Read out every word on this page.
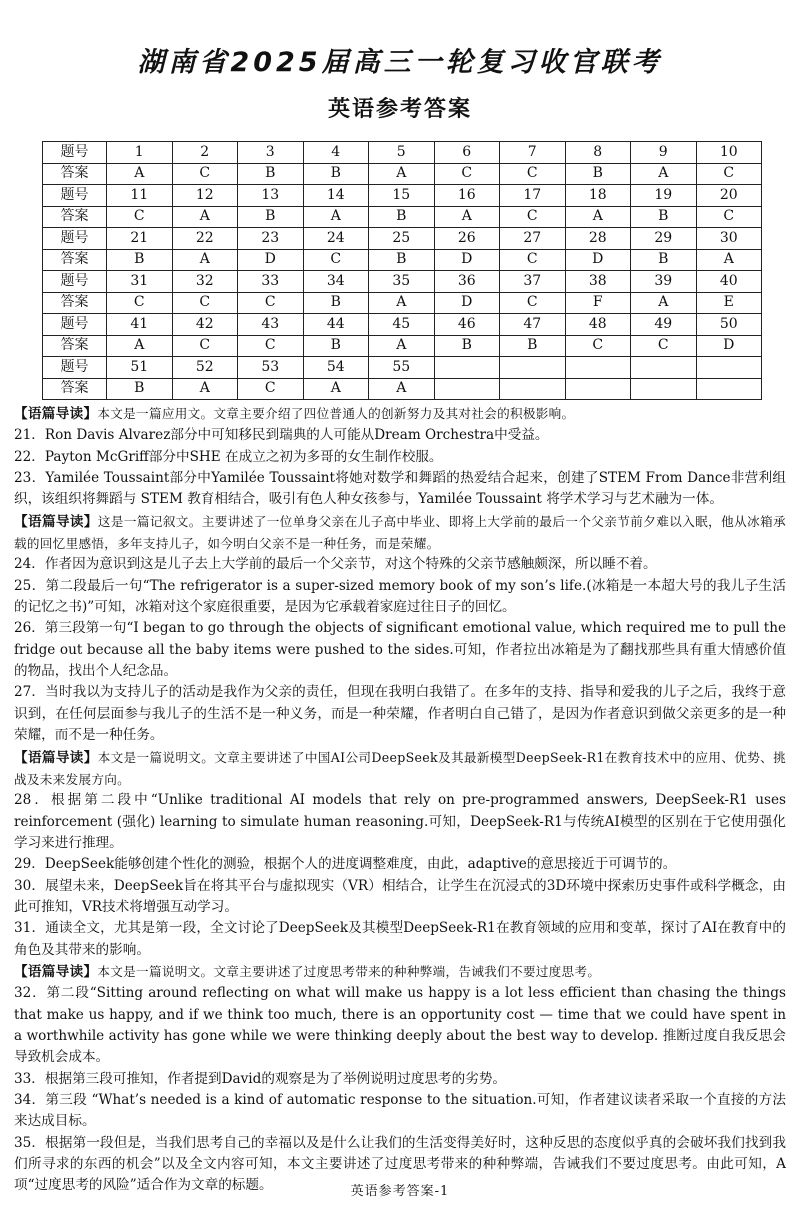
湖南省2025届高三一轮复习收官联考
英语参考答案
题号	1	2	3	4	5	6	7	8	9	10
答案	A	C	B	B	A	C	C	B	A	C
题号	11	12	13	14	15	16	17	18	19	20
答案	C	A	B	A	B	A	C	A	B	C
题号	21	22	23	24	25	26	27	28	29	30
答案	B	A	D	C	B	D	C	D	B	A
题号	31	32	33	34	35	36	37	38	39	40
答案	C	C	C	B	A	D	C	F	A	E
题号	41	42	43	44	45	46	47	48	49	50
答案	A	C	C	B	A	B	B	C	C	D
题号	51	52	53	54	55					
答案	B	A	C	A	A					

【语篇导读】本文是一篇应用文。文章主要介绍了四位普通人的创新努力及其对社会的积极影响。

21．Ron Davis Alvarez部分中可知移民到瑞典的人可能从Dream Orchestra中受益。

22．Payton McGriff部分中SHE 在成立之初为多哥的女生制作校服。

23．Yamilée Toussaint部分中Yamilée Toussaint将她对数学和舞蹈的热爱结合起来，创建了STEM From Dance非营利组织，该组织将舞蹈与 STEM 教育相结合，吸引有色人种女孩参与，Yamilée Toussaint 将学术学习与艺术融为一体。

【语篇导读】这是一篇记叙文。主要讲述了一位单身父亲在儿子高中毕业、即将上大学前的最后一个父亲节前夕难以入眠，他从冰箱承载的回忆里感悟，多年支持儿子，如今明白父亲不是一种任务，而是荣耀。

24．作者因为意识到这是儿子去上大学前的最后一个父亲节，对这个特殊的父亲节感触颇深，所以睡不着。

25．第二段最后一句“The refrigerator is a super-sized memory book of my son’s life.(冰箱是一本超大号的我儿子生活的记忆之书)”可知，冰箱对这个家庭很重要，是因为它承载着家庭过往日子的回忆。

26．第三段第一句“I began to go through the objects of significant emotional value, which required me to pull the fridge out because all the baby items were pushed to the sides.可知，作者拉出冰箱是为了翻找那些具有重大情感价值的物品，找出个人纪念品。

27．当时我以为支持儿子的活动是我作为父亲的责任，但现在我明白我错了。在多年的支持、指导和爱我的儿子之后，我终于意识到，在任何层面参与我儿子的生活不是一种义务，而是一种荣耀，作者明白自己错了，是因为作者意识到做父亲更多的是一种荣耀，而不是一种任务。

【语篇导读】本文是一篇说明文。文章主要讲述了中国AI公司DeepSeek及其最新模型DeepSeek-R1在教育技术中的应用、优势、挑战及未来发展方向。

28．根据第二段中“Unlike traditional AI models that rely on pre-programmed answers, DeepSeek-R1 uses reinforcement (强化) learning to simulate human reasoning.可知，DeepSeek-R1与传统AI模型的区别在于它使用强化学习来进行推理。

29．DeepSeek能够创建个性化的测验，根据个人的进度调整难度，由此，adaptive的意思接近于可调节的。

30．展望未来，DeepSeek旨在将其平台与虚拟现实（VR）相结合，让学生在沉浸式的3D环境中探索历史事件或科学概念，由此可推知，VR技术将增强互动学习。

31．通读全文，尤其是第一段，全文讨论了DeepSeek及其模型DeepSeek-R1在教育领域的应用和变革，探讨了AI在教育中的角色及其带来的影响。

【语篇导读】本文是一篇说明文。文章主要讲述了过度思考带来的种种弊端，告诫我们不要过度思考。

32．第二段“Sitting around reflecting on what will make us happy is a lot less efficient than chasing the things that make us happy, and if we think too much, there is an opportunity cost — time that we could have spent in a worthwhile activity has gone while we were thinking deeply about the best way to develop. 推断过度自我反思会导致机会成本。

33．根据第三段可推知，作者提到David的观察是为了举例说明过度思考的劣势。

34．第三段 “What’s needed is a kind of automatic response to the situation.可知，作者建议读者采取一个直接的方法来达成目标。

35．根据第一段但是，当我们思考自己的幸福以及是什么让我们的生活变得美好时，这种反思的态度似乎真的会破坏我们找到我们所寻求的东西的机会”以及全文内容可知，本文主要讲述了过度思考带来的种种弊端，告诫我们不要过度思考。由此可知，A项“过度思考的风险”适合作为文章的标题。	英语参考答案-1
